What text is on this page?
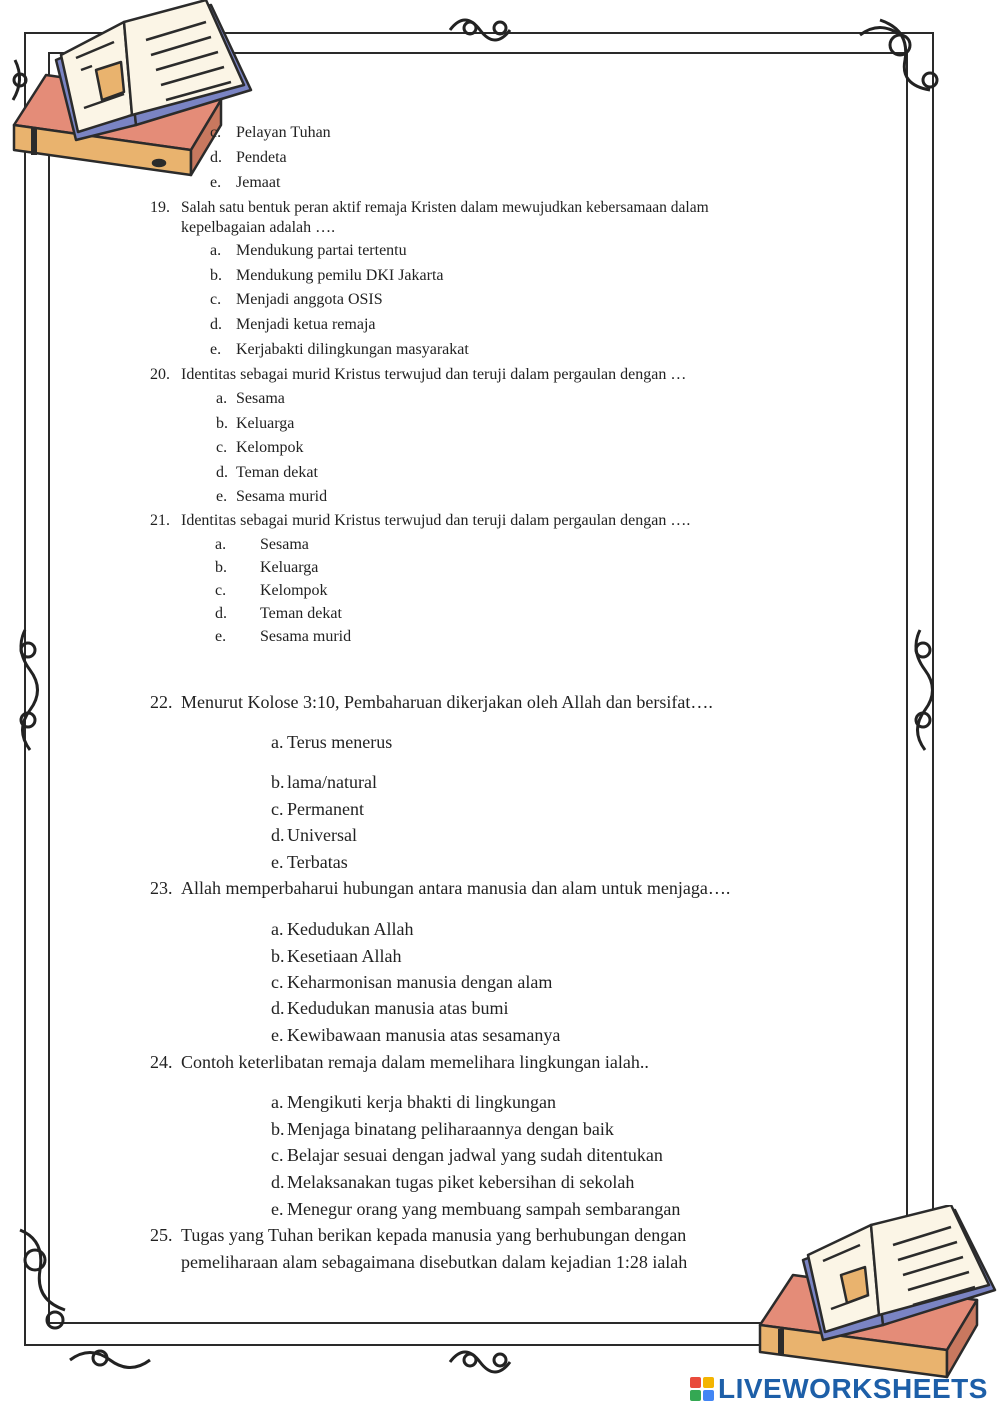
c. Pelayan Tuhan
d. Pendeta
e. Jemaat
19. Salah satu bentuk peran aktif remaja Kristen dalam mewujudkan kebersamaan dalam
kepelbagaian adalah ….
a. Mendukung partai tertentu
b. Mendukung pemilu DKI Jakarta
c. Menjadi anggota OSIS
d. Menjadi ketua remaja
e. Kerjabakti dilingkungan masyarakat
20. Identitas sebagai murid Kristus terwujud dan teruji dalam pergaulan dengan …
a. Sesama
b. Keluarga
c. Kelompok
d. Teman dekat
e. Sesama murid
21. Identitas sebagai murid Kristus terwujud dan teruji dalam pergaulan dengan ….
a. Sesama
b. Keluarga
c. Kelompok
d. Teman dekat
e. Sesama murid
22. Menurut Kolose 3:10, Pembaharuan dikerjakan oleh Allah dan bersifat….
a. Terus menerus
b. lama/natural
c. Permanent
d. Universal
e. Terbatas
23. Allah memperbaharui hubungan antara manusia dan alam untuk menjaga….
a. Kedudukan Allah
b. Kesetiaan Allah
c. Keharmonisan manusia dengan alam
d. Kedudukan manusia atas bumi
e. Kewibawaan manusia atas sesamanya
24. Contoh keterlibatan remaja dalam memelihara lingkungan ialah..
a. Mengikuti kerja bhakti di lingkungan
b. Menjaga binatang peliharaannya dengan baik
c. Belajar sesuai dengan jadwal yang sudah ditentukan
d. Melaksanakan tugas piket kebersihan di sekolah
e. Menegur orang yang membuang sampah sembarangan
25. Tugas yang Tuhan berikan kepada manusia yang berhubungan dengan
pemeliharaan alam sebagaimana disebutkan dalam kejadian 1:28 ialah
LIVEWORKSHEETS
